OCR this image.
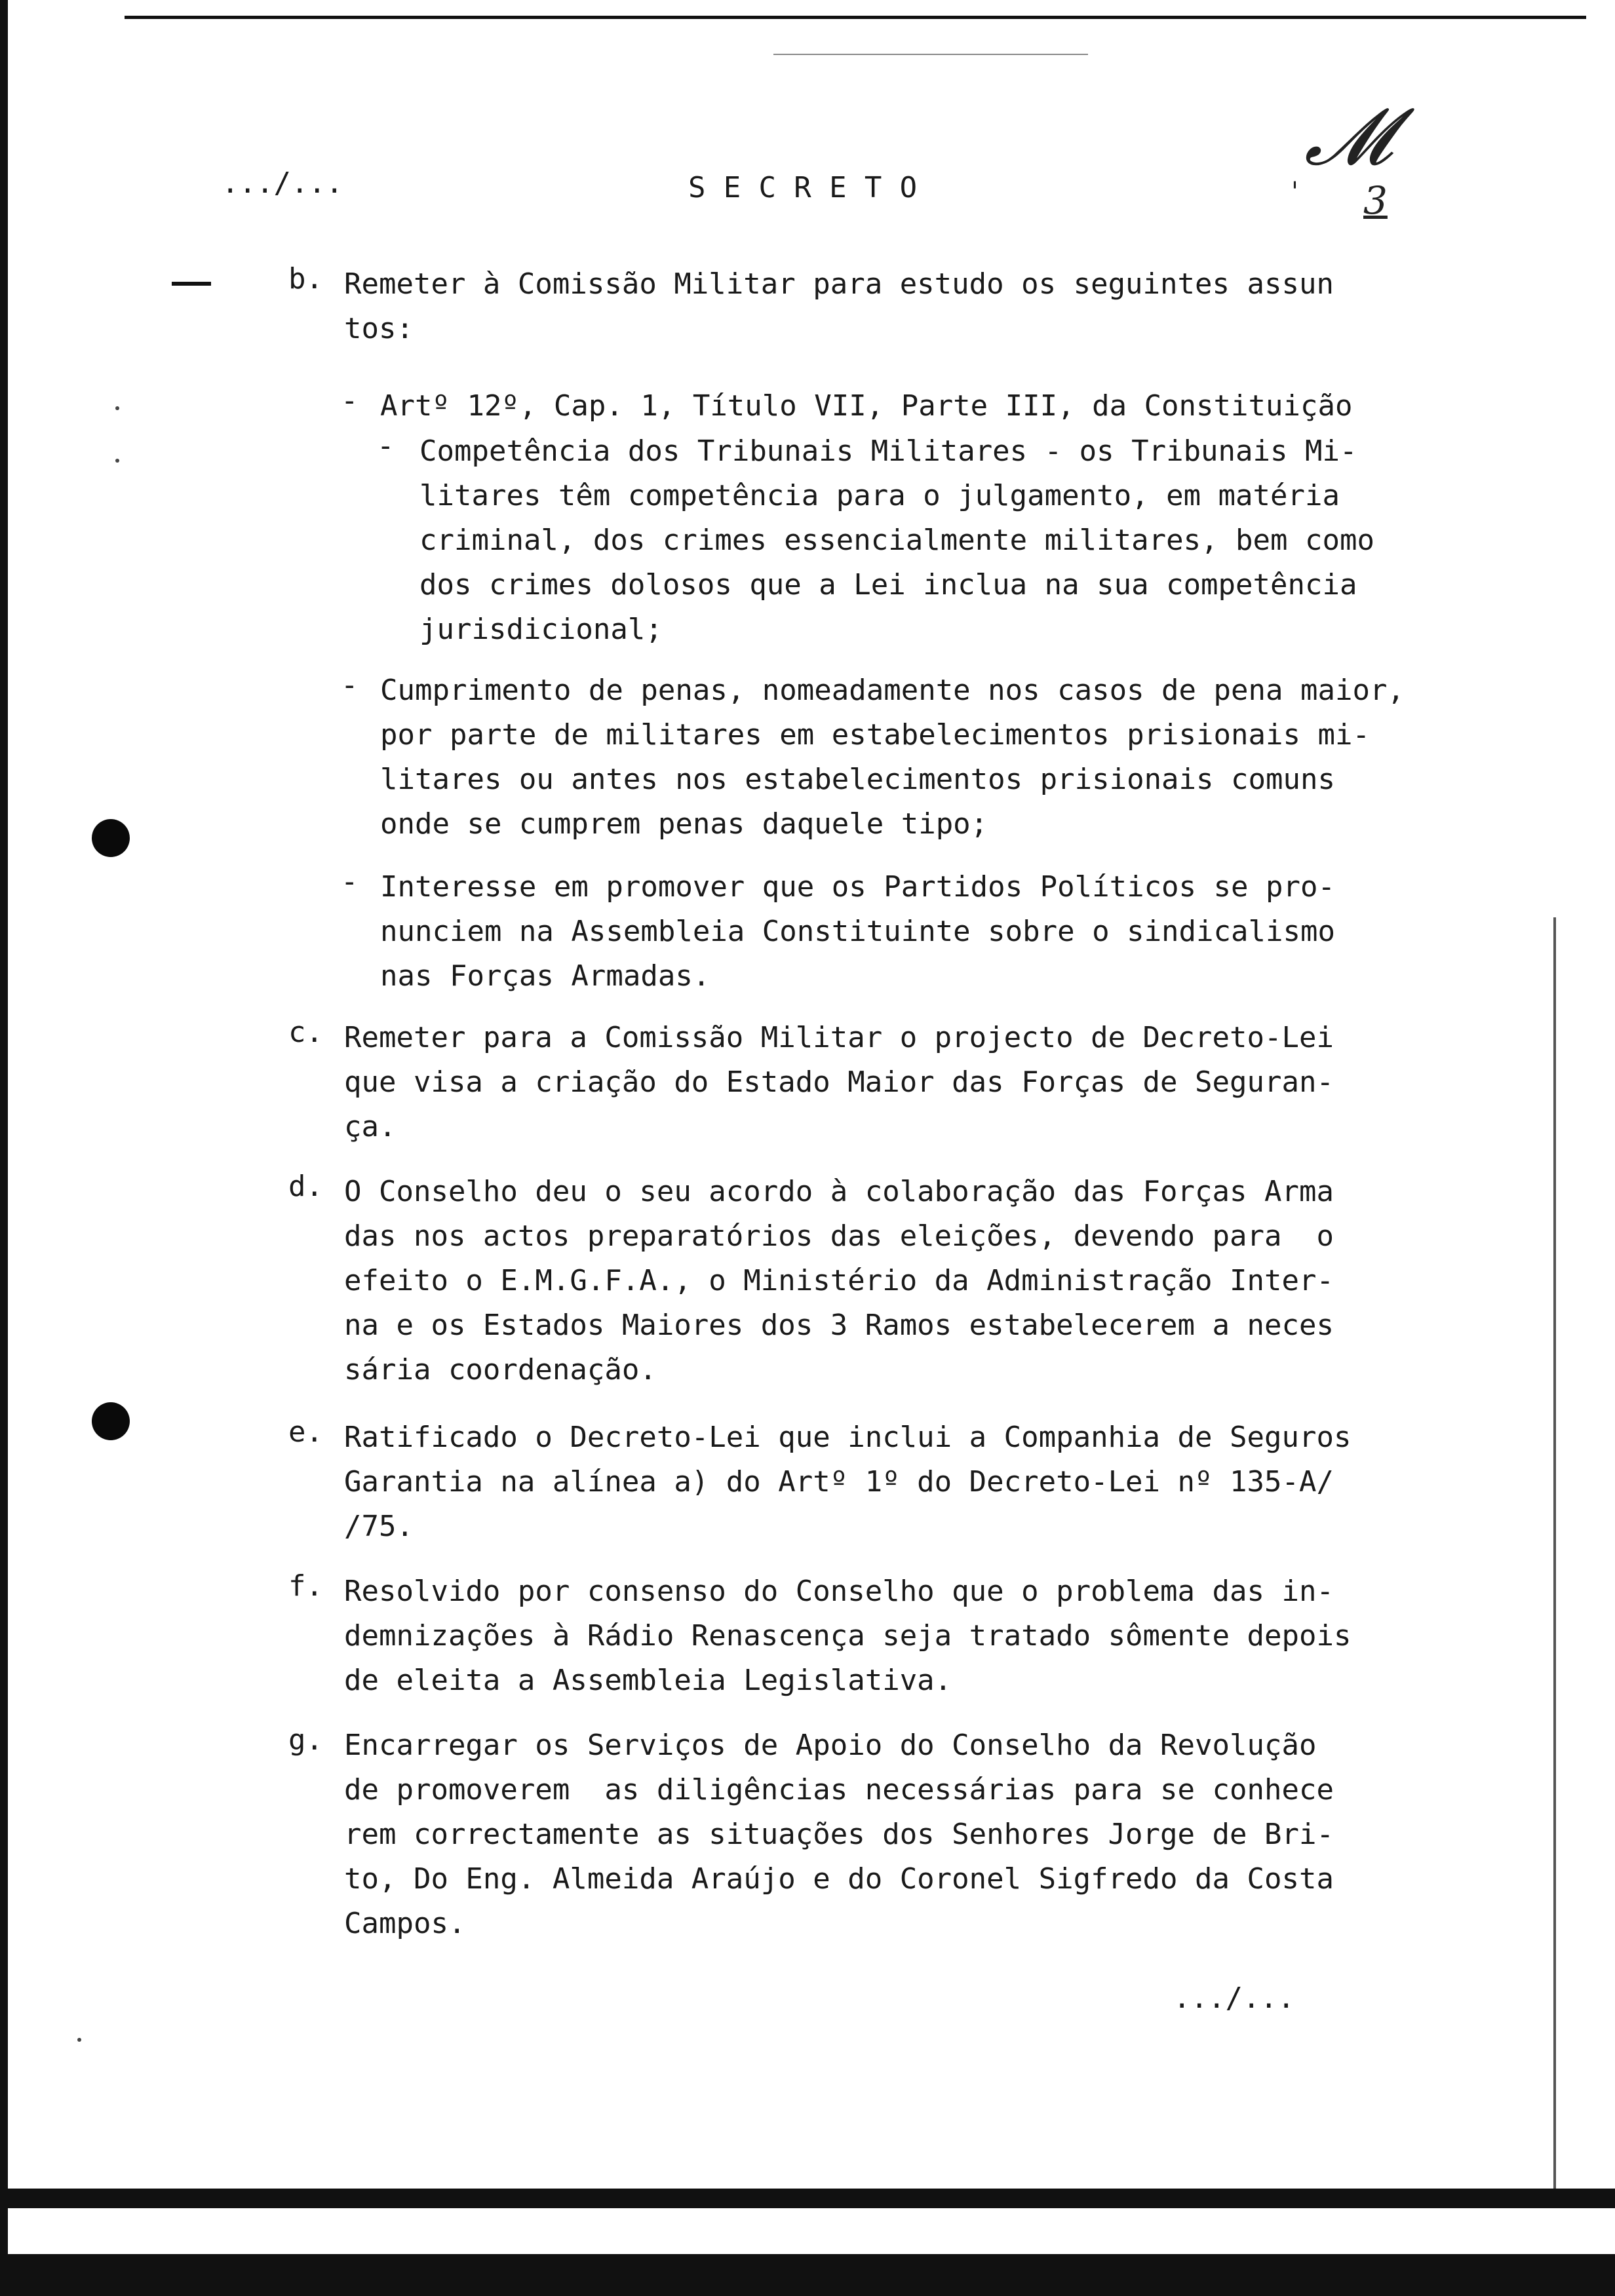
.../...	SECRETO
𝓜
3
'
b. Remeter à Comissão Militar para estudo os seguintes assun
tos:
- Artº 12º, Cap. 1, Título VII, Parte III, da Constituição
- Competência dos Tribunais Militares - os Tribunais Mi-
litares têm competência para o julgamento, em matéria
criminal, dos crimes essencialmente militares, bem como
dos crimes dolosos que a Lei inclua na sua competência
jurisdicional;
- Cumprimento de penas, nomeadamente nos casos de pena maior,
por parte de militares em estabelecimentos prisionais mi-
litares ou antes nos estabelecimentos prisionais comuns
onde se cumprem penas daquele tipo;
- Interesse em promover que os Partidos Políticos se pro-
nunciem na Assembleia Constituinte sobre o sindicalismo
nas Forças Armadas.
c. Remeter para a Comissão Militar o projecto de Decreto-Lei
que visa a criação do Estado Maior das Forças de Seguran-
ça.
d. O Conselho deu o seu acordo à colaboração das Forças Arma
das nos actos preparatórios das eleições, devendo para  o
efeito o E.M.G.F.A., o Ministério da Administração Inter-
na e os Estados Maiores dos 3 Ramos estabelecerem a neces
sária coordenação.
e. Ratificado o Decreto-Lei que inclui a Companhia de Seguros
Garantia na alínea a) do Artº 1º do Decreto-Lei nº 135-A/
/75.
f. Resolvido por consenso do Conselho que o problema das in-
demnizações à Rádio Renascença seja tratado sômente depois
de eleita a Assembleia Legislativa.
g. Encarregar os Serviços de Apoio do Conselho da Revolução
de promoverem  as diligências necessárias para se conhece
rem correctamente as situações dos Senhores Jorge de Bri-
to, Do Eng. Almeida Araújo e do Coronel Sigfredo da Costa
Campos.
.../...
